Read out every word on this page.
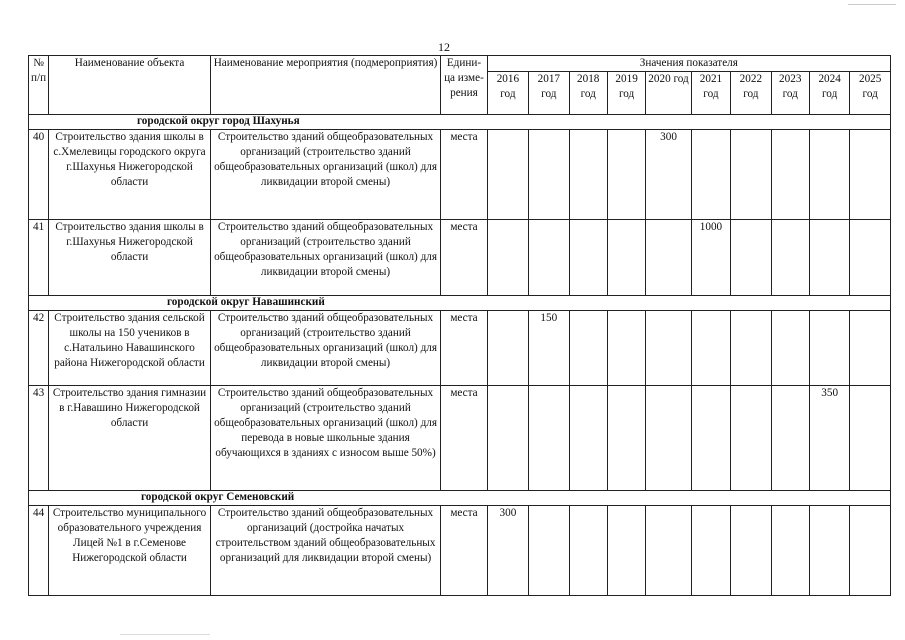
12
№ п/п	Наименование объекта	Наименование мероприятия (подмероприятия)	Едини-ца изме-рения	Значения показателя									
				2016 год	2017 год	2018 год	2019 год	2020 год	2021 год	2022 год	2023 год	2024 год	2025 год
городской округ город Шахунья													
40	Строительство здания школы в с.Хмелевицы городского округа г.Шахунья Нижегородской области	Строительство зданий общеобразовательных организаций (строительство зданий общеобразовательных организаций (школ) для ликвидации второй смены)	места					300					
41	Строительство здания школы в г.Шахунья Нижегородской области	Строительство зданий общеобразовательных организаций (строительство зданий общеобразовательных организаций (школ) для ликвидации второй смены)	места						1000				
городской округ Навашинский													
42	Строительство здания сельской школы на 150 учеников в с.Натальино Навашинского района Нижегородской области	Строительство зданий общеобразовательных организаций (строительство зданий общеобразовательных организаций (школ) для ликвидации второй смены)	места		150								
43	Строительство здания гимназии в г.Навашино Нижегородской области	Строительство зданий общеобразовательных организаций (строительство зданий общеобразовательных организаций (школ) для перевода в новые школьные здания обучающихся в зданиях с износом выше 50%)	места									350	
городской округ Семеновский													
44	Строительство муниципального образовательного учреждения Лицей №1 в г.Семенове Нижегородской области	Строительство зданий общеобразовательных организаций (достройка начатых строительством зданий общеобразовательных организаций для ликвидации второй смены)	места	300									
